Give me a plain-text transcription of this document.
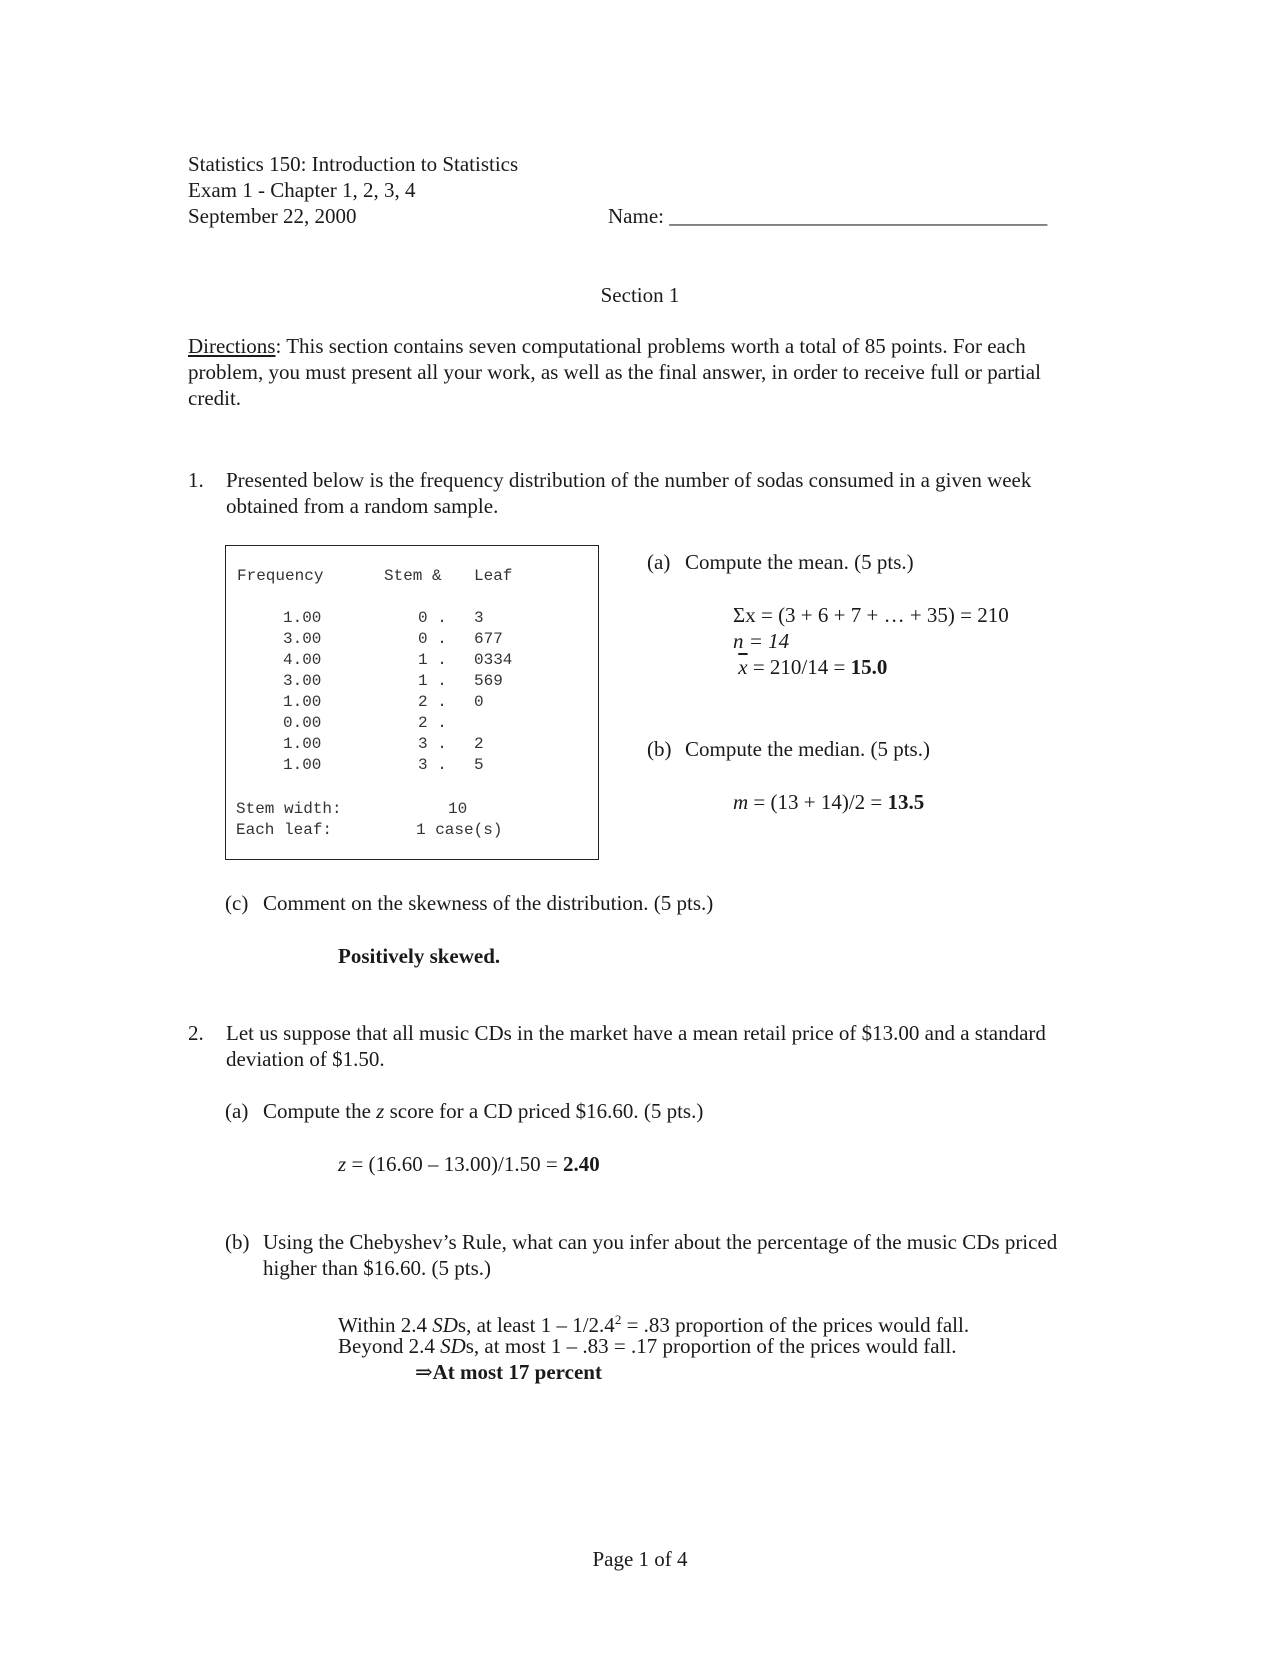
Statistics 150: Introduction to Statistics
Exam 1 - Chapter 1, 2, 3, 4
September 22, 2000	Name: ____________________________________
Section 1
Directions: This section contains seven computational problems worth a total of 85 points. For each problem, you must present all your work, as well as the final answer, in order to receive full or partial credit.
1. Presented below is the frequency distribution of the number of sodas consumed in a given week obtained from a random sample.
Frequency	Stem & Leaf
1.00
3.00
4.00
3.00
1.00
0.00
1.00
1.00
0 .
0 .
1 .
1 .
2 .
2 .
3 .
3 .
3
677
0334
569
0
2
5
Stem width:
Each leaf:
10
1 case(s)
(a) Compute the mean. (5 pts.)
Σx = (3 + 6 + 7 + … + 35) = 210
n = 14
$\overline{x} = 210/14 = 15.0$
(b) Compute the median. (5 pts.)
m = (13 + 14)/2 = 13.5
(c) Comment on the skewness of the distribution. (5 pts.)
Positively skewed.
2. Let us suppose that all music CDs in the market have a mean retail price of $13.00 and a standard deviation of $1.50.
(a) Compute the z score for a CD priced $16.60. (5 pts.)
z = (16.60 – 13.00)/1.50 = 2.40
(b) Using the Chebyshev’s Rule, what can you infer about the percentage of the music CDs priced higher than $16.60. (5 pts.)
Within 2.4 SDs, at least $1 - 1/2.4^2 = .83$ proportion of the prices would fall.
Beyond 2.4 SDs, at most 1 – .83 = .17 proportion of the prices would fall.
⇒At most 17 percent
Page 1 of 4
